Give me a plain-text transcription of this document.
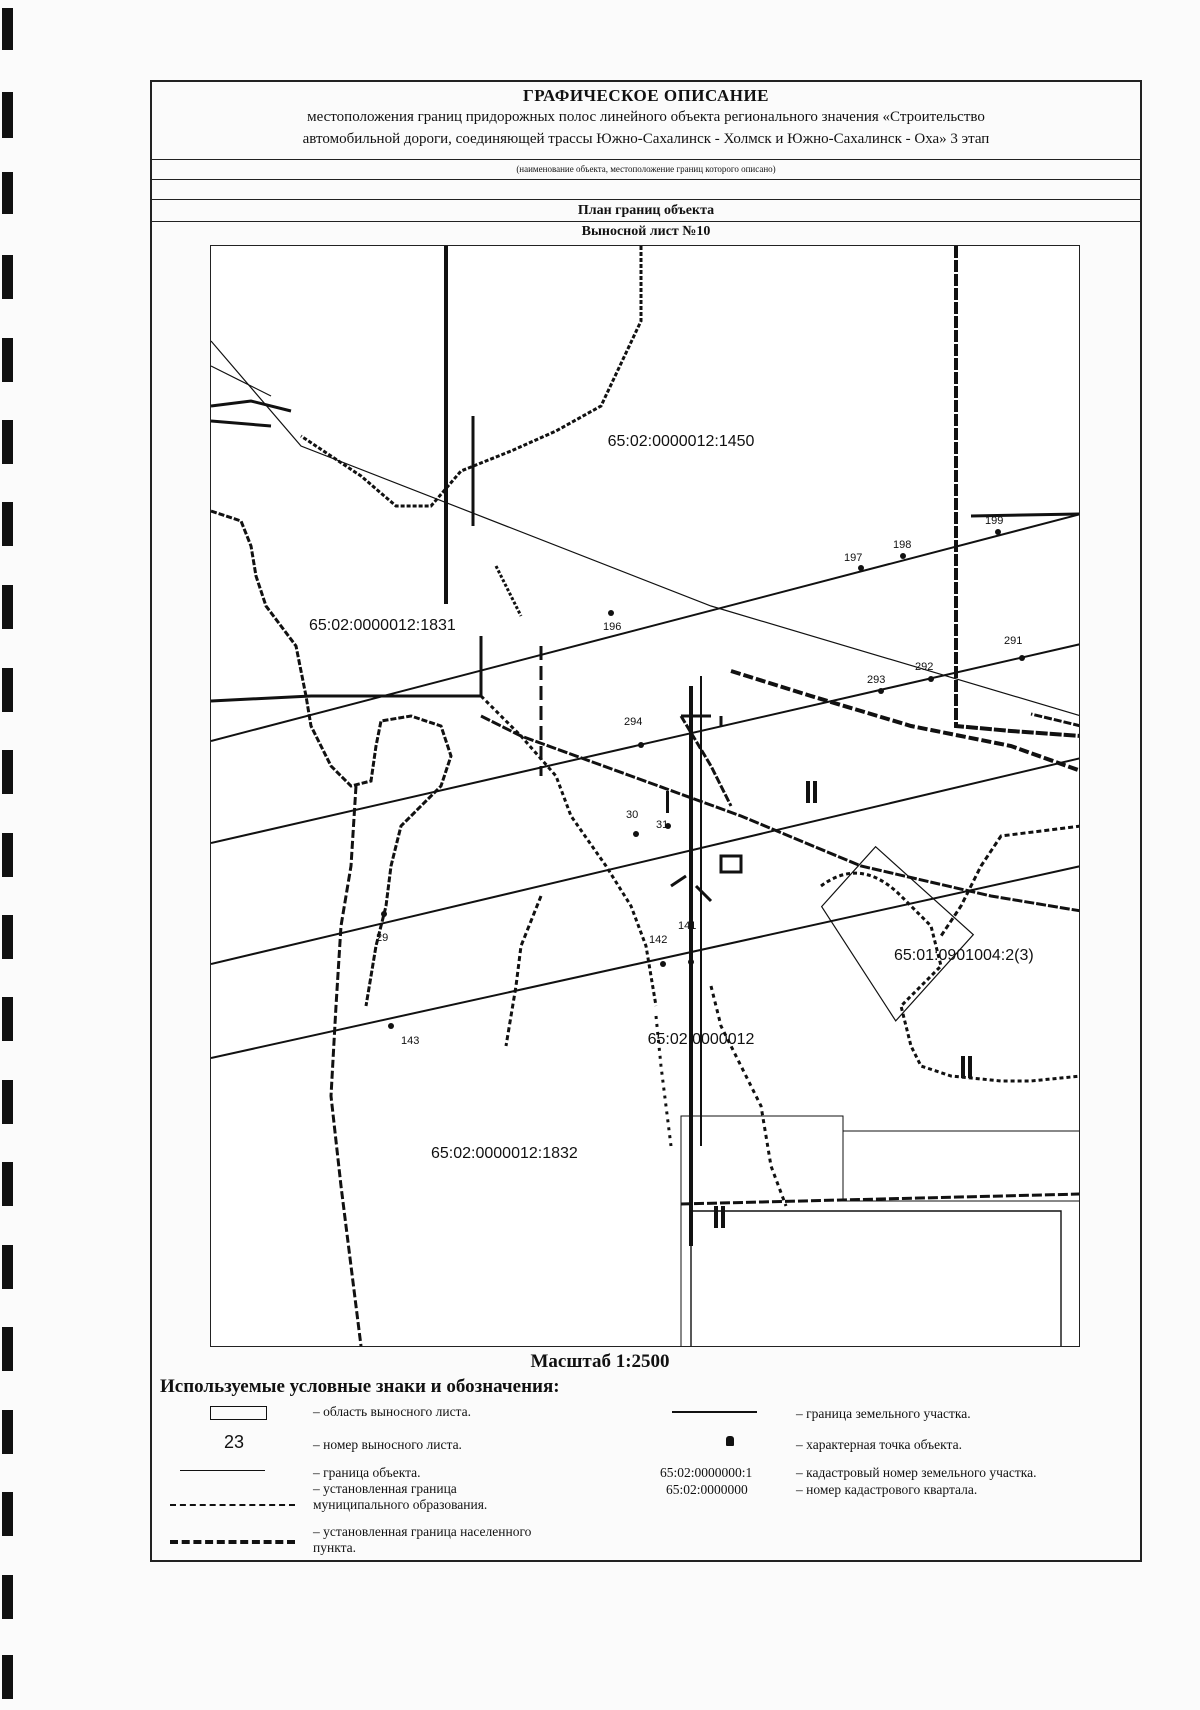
ГРАФИЧЕСКОЕ ОПИСАНИЕ
местоположения границ придорожных полос линейного объекта регионального значения «Строительство
автомобильной дороги, соединяющей трассы Южно-Сахалинск - Холмск и Южно-Сахалинск - Оха» 3 этап
(наименование объекта, местоположение границ которого описано)
План границ объекта
Выносной лист №10
65:02:0000012:1450
65:02:0000012:1831
65:02:0000012:1832
65:01:0901004:2(3)
65:02:0000012
196
197
198
199
291
292
293
294
31
30
29
141
142
143
Масштаб 1:2500
Используемые условные знаки и обозначения:
– область выносного листа.
23	– номер выносного листа.
– граница объекта.
– установленная граница
муниципального образования.
– установленная граница населенного
пункта.
– граница земельного участка.
– характерная точка объекта.
65:02:0000000:1	– кадастровый номер земельного участка.
65:02:0000000	– номер кадастрового квартала.
